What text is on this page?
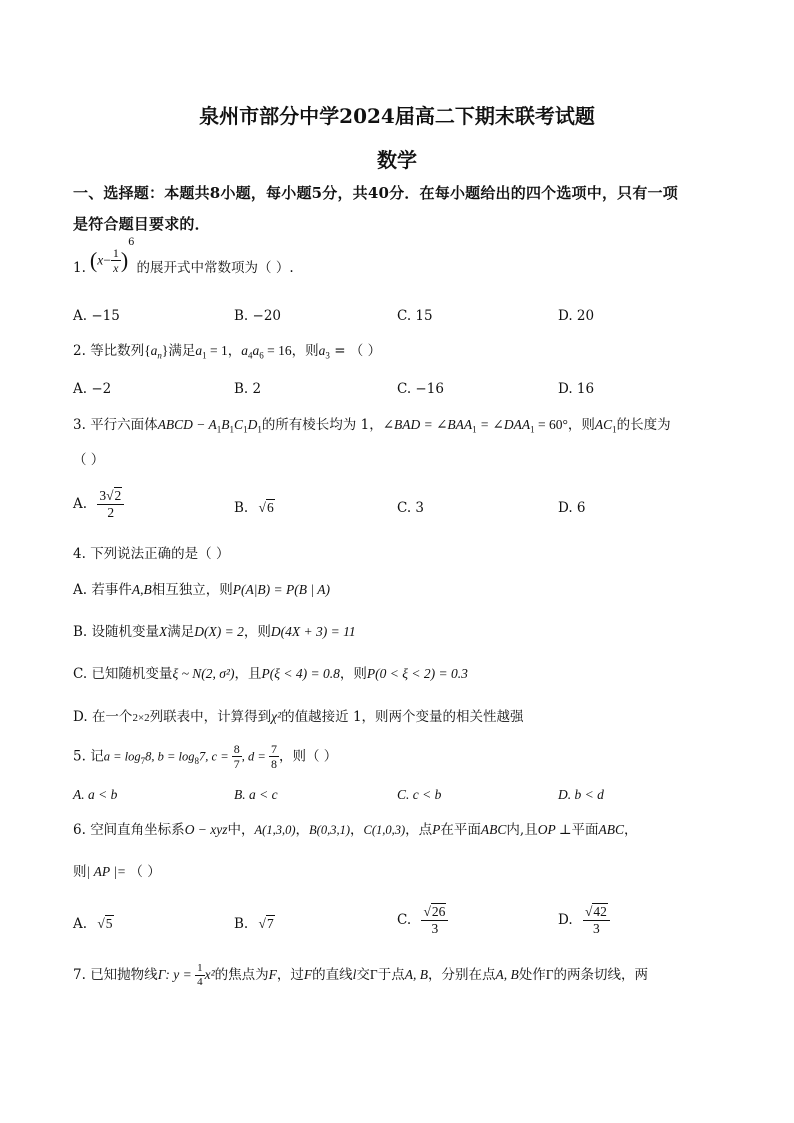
泉州市部分中学2024届高二下期末联考试题
数学
一、选择题：本题共8小题，每小题5分，共40分．在每小题给出的四个选项中，只有一项
是符合题目要求的．
1. $(x- \frac{1}{x} )^6$的展开式中常数项为（ ）.
A. −15	B. −20	C. 15	D. 20
2. 等比数列$\{a_n\}$满足$a_1 = 1$，$a_4a_6 = 16$，则$a_3$ = （ ）
A. −2	B. 2	C. −16	D. 16
3. 平行六面体ABCD − $A_1B_1C_1D_1$的所有棱长均为 1，∠BAD = $\angle BAA_1$ = $\angle DAA_1 = 60^\circ$，则$AC_1$的长度为
（ ）
A. $\frac{3√2}{2}$	B. √6	C. 3	D. 6
4. 下列说法正确的是（ ）
A. 若事件A,B相互独立，则P(A|B) = P(B | A)
B. 设随机变量X满足D(X) = 2，则D(4X + 3) = 11
C. 已知随机变量ξ ~ N(2, σ²)，且P(ξ < 4) = 0.8，则P(0 < ξ < 2) = 0.3
D. 在一个2×2列联表中，计算得到χ²的值越接近 1，则两个变量的相关性越强
5. 记$a = \log_78$, $b = \log_87$, $c = \frac{8}{7}$ , $d = \frac{7}{8}$ ，则（ ）
A. a < b	B. a < c	C. c < b	D. b < d
6. 空间直角坐标系O − xyz中，A(1,3,0)，B(0,3,1)，C(1,0,3)，点P在平面ABC内,且OP ⊥平面ABC，
则| AP |= （ ）
A. √5	B. √7	C. $\frac{√26}{3}$	D. $\frac{√42}{3}$
7. 已知抛物线Γ: $y = \frac{1}{4} x^2$的焦点为F，过F的直线l交Γ于点A, B，分别在点A, B处作Γ的两条切线，两
